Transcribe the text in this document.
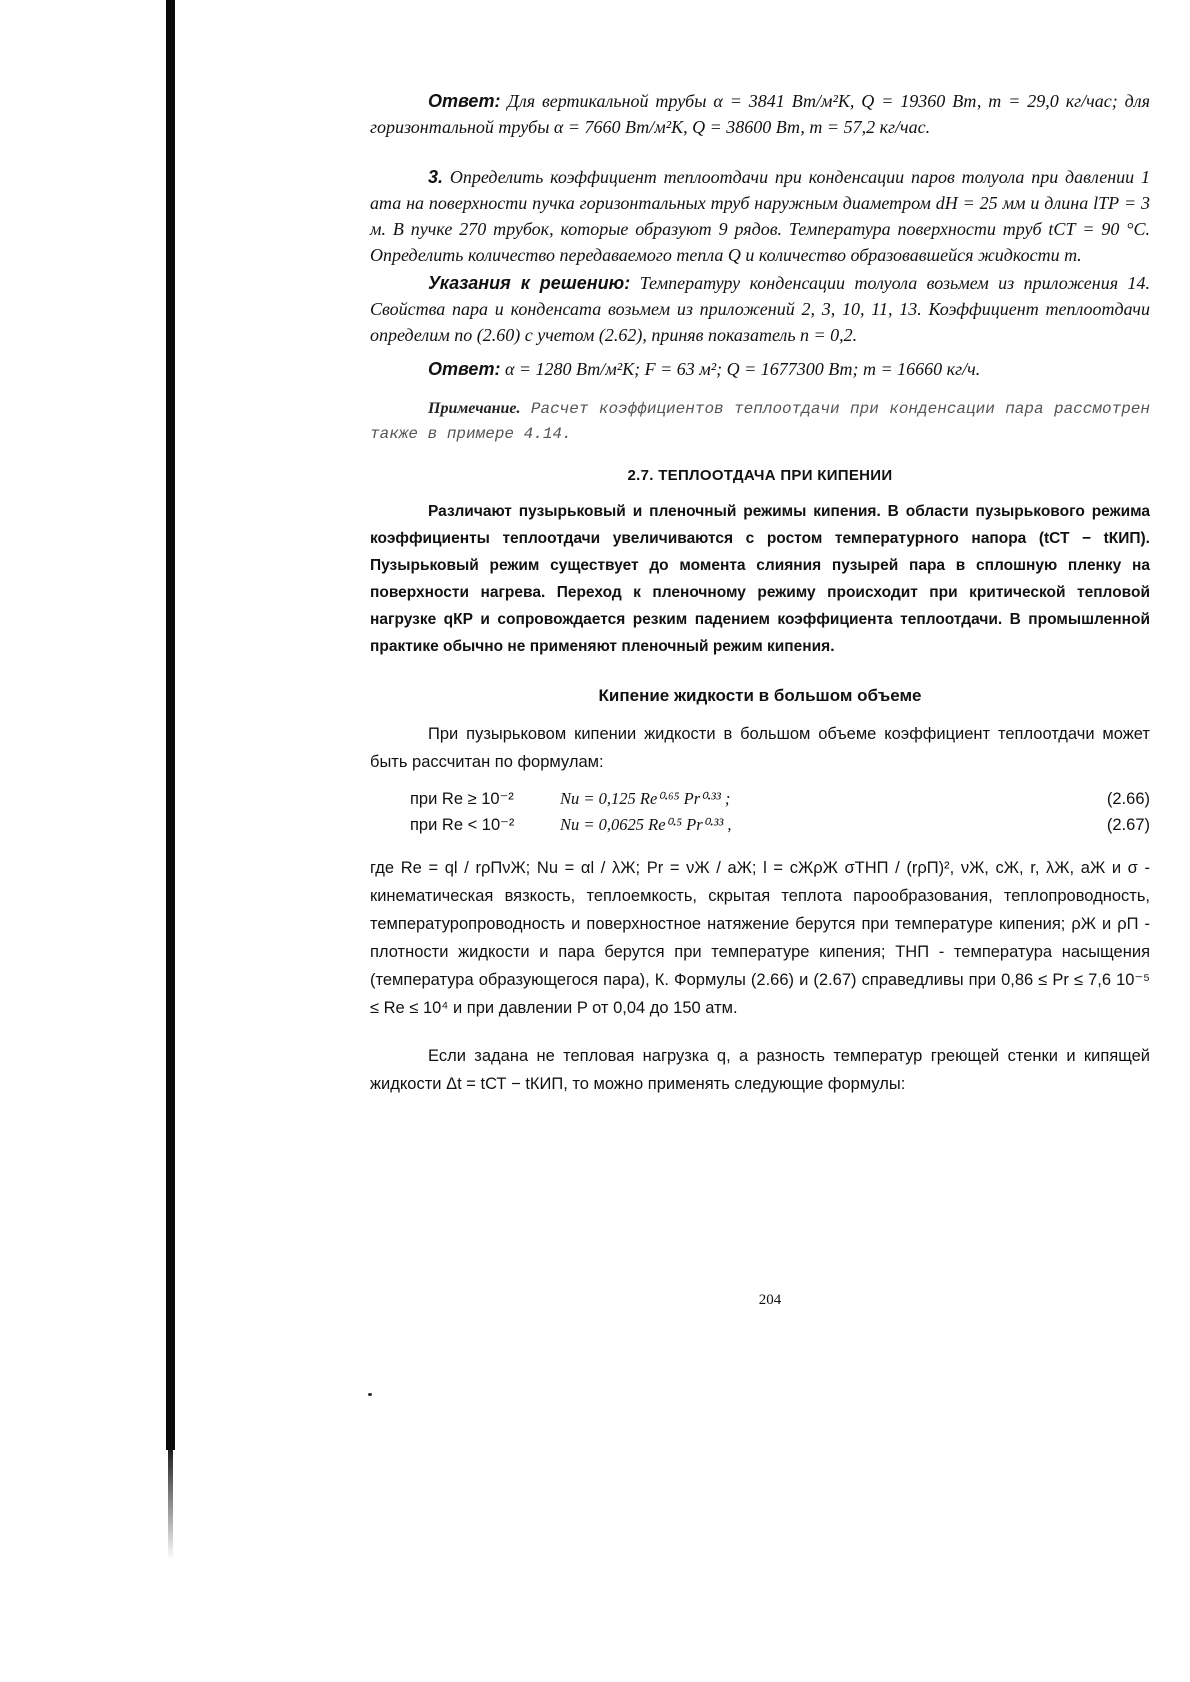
Ответ: Для вертикальной трубы α = 3841 Вт/м²K, Q = 19360 Вт, m = 29,0 кг/час; для горизонтальной трубы α = 7660 Вт/м²K, Q = 38600 Вт, m = 57,2 кг/час.

3. Определить коэффициент теплоотдачи при конденсации паров толуола при давлении 1 ата на поверхности пучка горизонтальных труб наружным диаметром dН = 25 мм и длина lТР = 3 м. В пучке 270 трубок, которые образуют 9 рядов. Температура поверхности труб tСТ = 90 °С. Определить количество передаваемого тепла Q и количество образовавшейся жидкости m.

Указания к решению: Температуру конденсации толуола возьмем из приложения 14. Свойства пара и конденсата возьмем из приложений 2, 3, 10, 11, 13. Коэффициент теплоотдачи определим по (2.60) с учетом (2.62), приняв показатель n = 0,2.

Ответ: α = 1280 Вт/м²K; F = 63 м²; Q = 1677300 Вт; m = 16660 кг/ч.

Примечание. Расчет коэффициентов теплоотдачи при конденсации пара рассмотрен также в примере 4.14.

2.7. ТЕПЛООТДАЧА ПРИ КИПЕНИИ

Различают пузырьковый и пленочный режимы кипения. В области пузырькового режима коэффициенты теплоотдачи увеличиваются с ростом температурного напора (tСТ − tКИП). Пузырьковый режим существует до момента слияния пузырей пара в сплошную пленку на поверхности нагрева. Переход к пленочному режиму происходит при критической тепловой нагрузке qКР и сопровождается резким падением коэффициента теплоотдачи. В промышленной практике обычно не применяют пленочный режим кипения.

Кипение жидкости в большом объеме

При пузырьковом кипении жидкости в большом объеме коэффициент теплоотдачи может быть рассчитан по формулам:

при Re ≥ 10⁻²	Nu = 0,125 Re⁰·⁶⁵ Pr⁰·³³ ;	(2.66)
при Re < 10⁻²	Nu = 0,0625 Re⁰·⁵ Pr⁰·³³ ,	(2.67)

где Re = ql / rρПνЖ; Nu = αl / λЖ; Pr = νЖ / aЖ; l = cЖρЖ σTНП / (rρП)², νЖ, cЖ, r, λЖ, aЖ и σ - кинематическая вязкость, теплоемкость, скрытая теплота парообразования, теплопроводность, температуропроводность и поверхностное натяжение берутся при температуре кипения; ρЖ и ρП - плотности жидкости и пара берутся при температуре кипения; TНП - температура насыщения (температура образующегося пара), К. Формулы (2.66) и (2.67) справедливы при 0,86 ≤ Pr ≤ 7,6 10⁻⁵ ≤ Re ≤ 10⁴ и при давлении P от 0,04 до 150 атм.

Если задана не тепловая нагрузка q, а разность температур греющей стенки и кипящей жидкости Δt = tСТ − tКИП, то можно применять следующие формулы:

204
